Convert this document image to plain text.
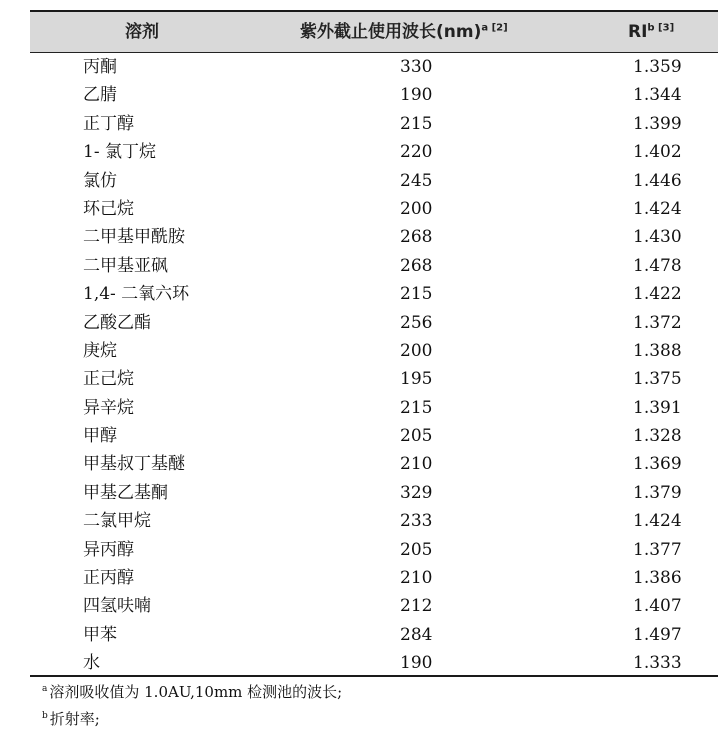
溶剂	紫外截止使用波长(nm)$^{a [2]}$	$RI^{b [3]}$
丙酮	330	1.359
乙腈	190	1.344
正丁醇	215	1.399
1- 氯丁烷	220	1.402
氯仿	245	1.446
环己烷	200	1.424
二甲基甲酰胺	268	1.430
二甲基亚砜	268	1.478
1,4- 二氧六环	215	1.422
乙酸乙酯	256	1.372
庚烷	200	1.388
正己烷	195	1.375
异辛烷	215	1.391
甲醇	205	1.328
甲基叔丁基醚	210	1.369
甲基乙基酮	329	1.379
二氯甲烷	233	1.424
异丙醇	205	1.377
正丙醇	210	1.386
四氢呋喃	212	1.407
甲苯	284	1.497
水	190	1.333
$^a$ 溶剂吸收值为 1.0AU,10mm 检测池的波长;
$^b$ 折射率;
